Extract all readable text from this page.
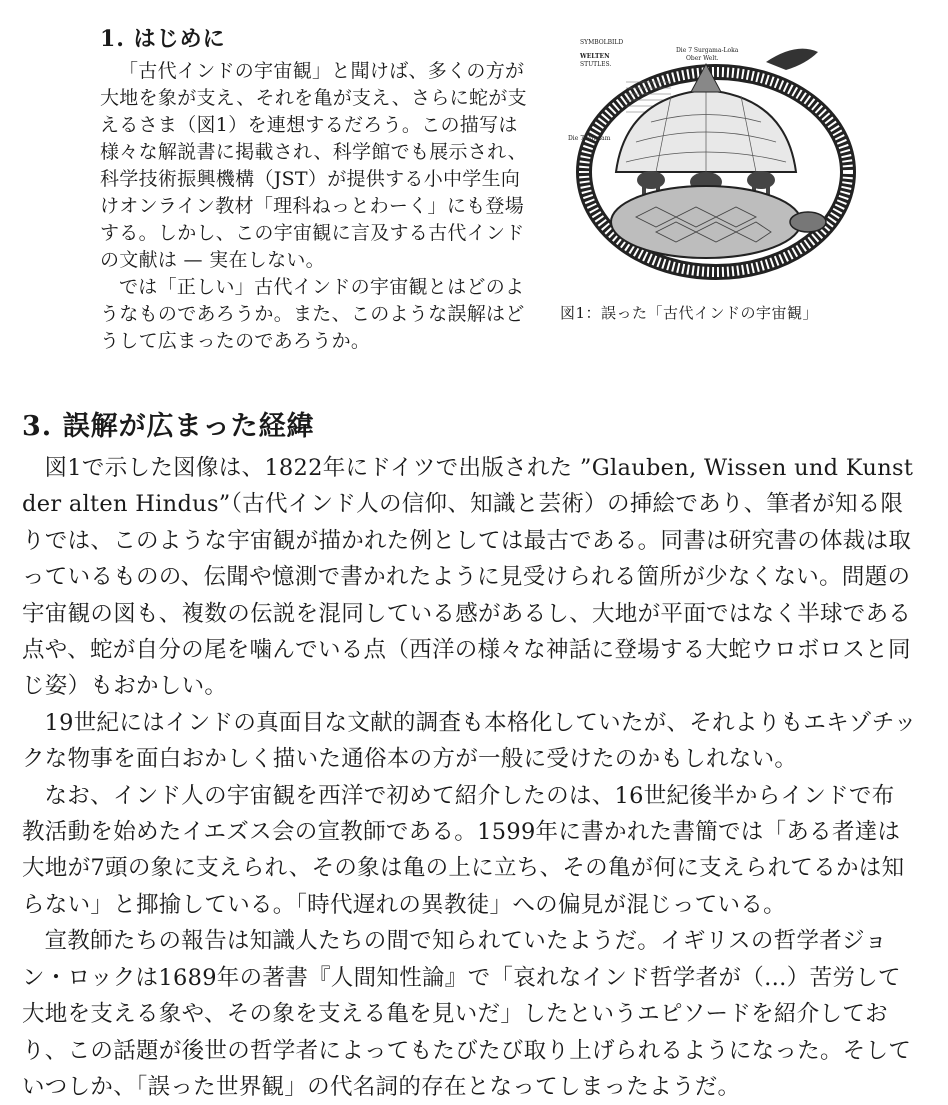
1. はじめに

「古代インドの宇宙観」と聞けば、多くの方が大地を象が支え、それを亀が支え、さらに蛇が支えるさま（図1）を連想するだろう。この描写は様々な解説書に掲載され、科学館でも展示され、科学技術振興機構（JST）が提供する小中学生向けオンライン教材「理科ねっとわーく」にも登場する。しかし、この宇宙観に言及する古代インドの文献は — 実在しない。

では「正しい」古代インドの宇宙観とはどのようなものであろうか。また、このような誤解はどうして広まったのであろうか。

SYMBOLBILD
WELTEN
STUTLES.
Die 7 Surgama-Loka
Ober Welt.
Die 7 Patalam
図1：誤った「古代インドの宇宙観」
3. 誤解が広まった経緯

図1で示した図像は、1822年にドイツで出版された ”Glauben, Wissen und Kunst der alten Hindus”（古代インド人の信仰、知識と芸術）の挿絵であり、筆者が知る限りでは、このような宇宙観が描かれた例としては最古である。同書は研究書の体裁は取っているものの、伝聞や憶測で書かれたように見受けられる箇所が少なくない。問題の宇宙観の図も、複数の伝説を混同している感があるし、大地が平面ではなく半球である点や、蛇が自分の尾を噛んでいる点（西洋の様々な神話に登場する大蛇ウロボロスと同じ姿）もおかしい。

19世紀にはインドの真面目な文献的調査も本格化していたが、それよりもエキゾチックな物事を面白おかしく描いた通俗本の方が一般に受けたのかもしれない。

なお、インド人の宇宙観を西洋で初めて紹介したのは、16世紀後半からインドで布教活動を始めたイエズス会の宣教師である。1599年に書かれた書簡では「ある者達は大地が7頭の象に支えられ、その象は亀の上に立ち、その亀が何に支えられてるかは知らない」と揶揄している。「時代遅れの異教徒」への偏見が混じっている。

宣教師たちの報告は知識人たちの間で知られていたようだ。イギリスの哲学者ジョン・ロックは1689年の著書『人間知性論』で「哀れなインド哲学者が（…）苦労して大地を支える象や、その象を支える亀を見いだ」したというエピソードを紹介しており、この話題が後世の哲学者によってもたびたび取り上げられるようになった。そしていつしか、「誤った世界観」の代名詞的存在となってしまったようだ。
